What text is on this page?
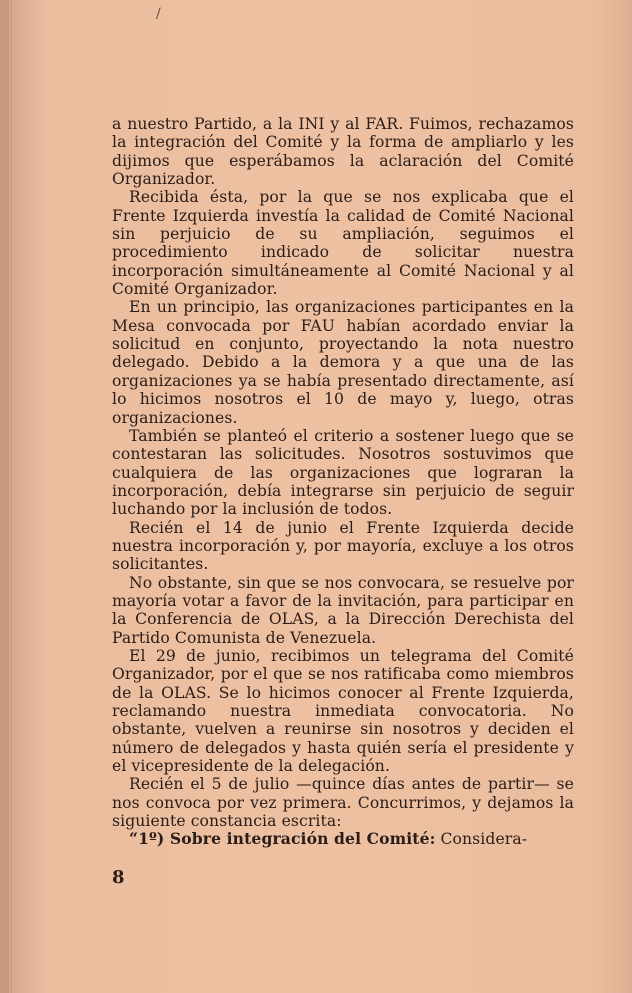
/

a nuestro Partido, a la INI y al FAR. Fuimos, rechazamos la integración del Comité y la forma de ampliarlo y les dijimos que esperábamos la aclaración del Comité Organizador.

Recibida ésta, por la que se nos explicaba que el Frente Izquierda investía la calidad de Comité Nacional sin perjuicio de su ampliación, seguimos el procedimiento indicado de solicitar nuestra incorporación simultáneamente al Comité Nacional y al Comité Organizador.

En un principio, las organizaciones participantes en la Mesa convocada por FAU habían acordado enviar la solicitud en conjunto, proyectando la nota nuestro delegado. Debido a la demora y a que una de las organizaciones ya se había presentado directamente, así lo hicimos nosotros el 10 de mayo y, luego, otras organizaciones.

También se planteó el criterio a sostener luego que se contestaran las solicitudes. Nosotros sostuvimos que cualquiera de las organizaciones que lograran la incorporación, debía integrarse sin perjuicio de seguir luchando por la inclusión de todos.

Recién el 14 de junio el Frente Izquierda decide nuestra incorporación y, por mayoría, excluye a los otros solicitantes.

No obstante, sin que se nos convocara, se resuelve por mayoría votar a favor de la invitación, para participar en la Conferencia de OLAS, a la Dirección Derechista del Partido Comunista de Venezuela.

El 29 de junio, recibimos un telegrama del Comité Organizador, por el que se nos ratificaba como miembros de la OLAS. Se lo hicimos conocer al Frente Izquierda, reclamando nuestra inmediata convocatoria. No obstante, vuelven a reunirse sin nosotros y deciden el número de delegados y hasta quién sería el presidente y el vicepresidente de la delegación.

Recién el 5 de julio —quince días antes de partir— se nos convoca por vez primera. Concurrimos, y dejamos la siguiente constancia escrita:

“1º) Sobre integración del Comité: Considera-

8
